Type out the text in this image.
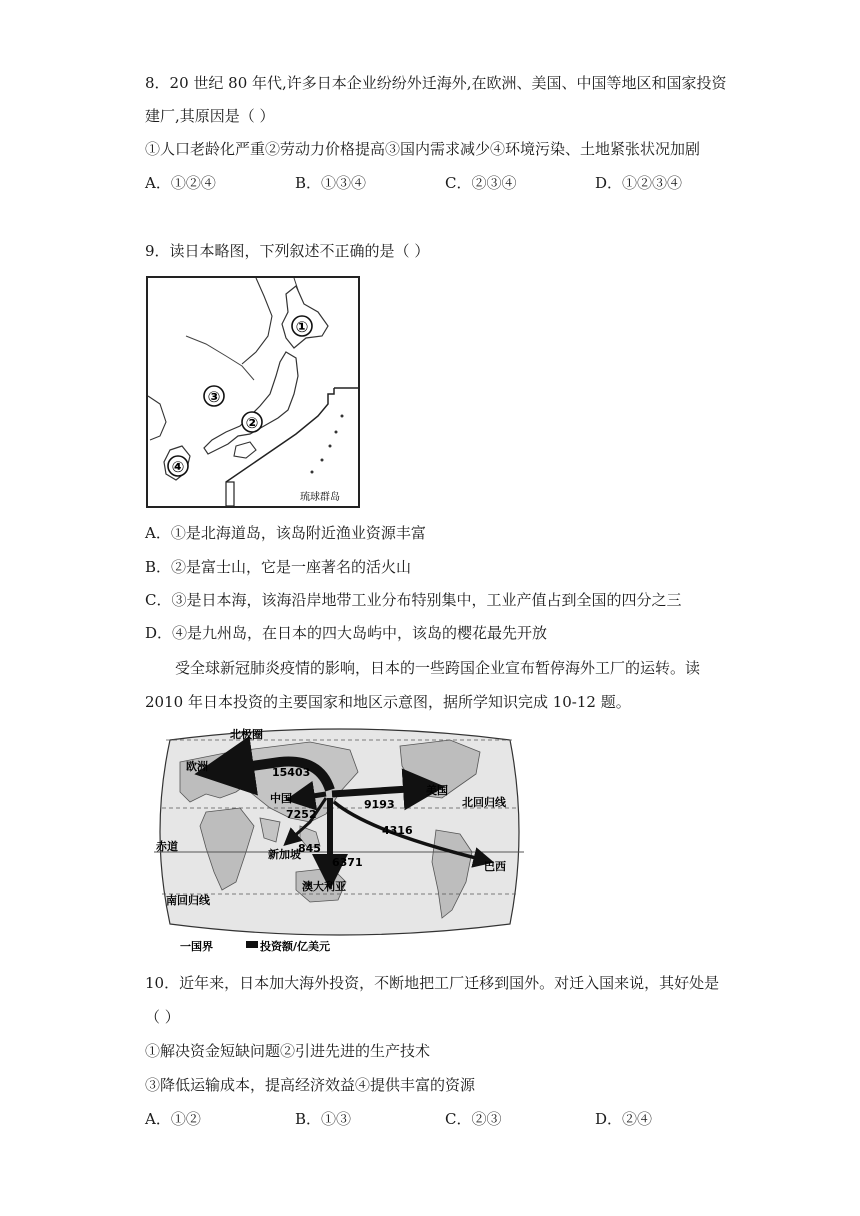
8．20 世纪 80 年代,许多日本企业纷纷外迁海外,在欧洲、美国、中国等地区和国家投资
建厂,其原因是（ ）
①人口老龄化严重②劳动力价格提高③国内需求减少④环境污染、土地紧张状况加剧
A．①②④	B．①③④	C．②③④	D．①②③④
9．读日本略图，下列叙述不正确的是（ ）
①
②
③
④
琉球群岛
A．①是北海道岛，该岛附近渔业资源丰富
B．②是富士山，它是一座著名的活火山
C．③是日本海，该海沿岸地带工业分布特别集中，工业产值占到全国的四分之三
D．④是九州岛，在日本的四大岛屿中，该岛的樱花最先开放
受全球新冠肺炎疫情的影响，日本的一些跨国企业宣布暂停海外工厂的运转。读
2010 年日本投资的主要国家和地区示意图，据所学知识完成 10-12 题。
北极圈
欧洲
中国
美国
北回归线
赤道
新加坡
澳大利亚
巴西
南回归线
15403
7252
9193
4316
845
6371
一国界	投资额/亿美元
10．近年来，日本加大海外投资，不断地把工厂迁移到国外。对迁入国来说，其好处是
（ ）
①解决资金短缺问题②引进先进的生产技术
③降低运输成本，提高经济效益④提供丰富的资源
A．①②	B．①③	C．②③	D．②④
